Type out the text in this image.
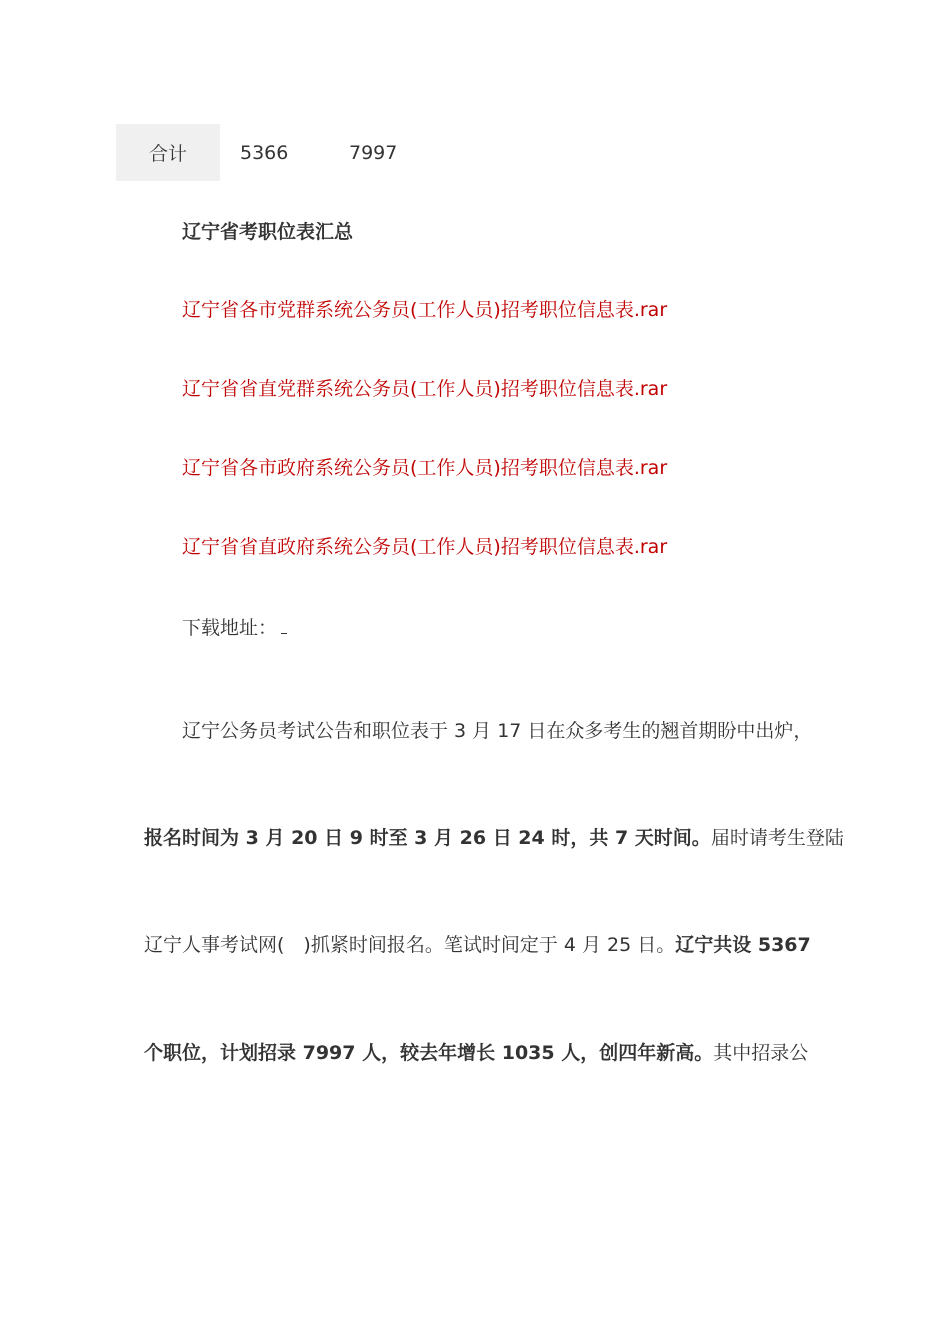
合计	5366	7997
辽宁省考职位表汇总
辽宁省各市党群系统公务员(工作人员)招考职位信息表.rar
辽宁省省直党群系统公务员(工作人员)招考职位信息表.rar
辽宁省各市政府系统公务员(工作人员)招考职位信息表.rar
辽宁省省直政府系统公务员(工作人员)招考职位信息表.rar
下载地址：
辽宁公务员考试公告和职位表于 3 月 17 日在众多考生的翘首期盼中出炉，
报名时间为 3 月 20 日 9 时至 3 月 26 日 24 时，共 7 天时间。届时请考生登陆
辽宁人事考试网(　)抓紧时间报名。笔试时间定于 4 月 25 日。辽宁共设 5367
个职位，计划招录 7997 人，较去年增长 1035 人，创四年新高。其中招录公
